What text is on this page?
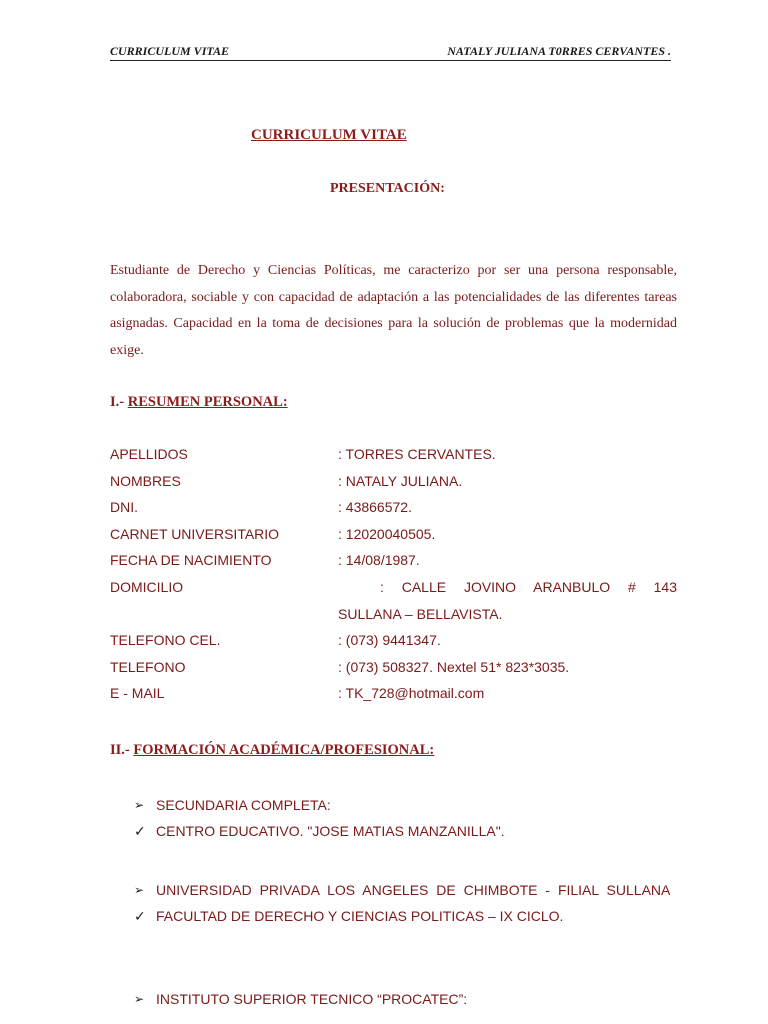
CURRICULUM VITAE	NATALY JULIANA T0RRES CERVANTES .
CURRICULUM VITAE
PRESENTACIÓN:
Estudiante de Derecho y Ciencias Políticas, me caracterizo por ser una persona responsable, colaboradora, sociable y con capacidad de adaptación a las potencialidades de las diferentes tareas asignadas. Capacidad en la toma de decisiones para la solución de problemas que la modernidad exige.
I.- RESUMEN PERSONAL:
APELLIDOS	: TORRES CERVANTES.
NOMBRES	: NATALY JULIANA.
DNI.	: 43866572.
CARNET UNIVERSITARIO	: 12020040505.
FECHA DE NACIMIENTO	: 14/08/1987.
DOMICILIO	: CALLE JOVINO ARANBULO # 143
SULLANA – BELLAVISTA.
TELEFONO CEL.	: (073) 9441347.
TELEFONO	: (073) 508327. Nextel 51* 823*3035.
E - MAIL	: TK_728@hotmail.com
II.- FORMACIÓN ACADÉMICA/PROFESIONAL:
➢ SECUNDARIA COMPLETA:
✓ CENTRO EDUCATIVO. "JOSE MATIAS MANZANILLA".
➢ UNIVERSIDAD PRIVADA LOS ANGELES DE CHIMBOTE - FILIAL SULLANA
✓ FACULTAD DE DERECHO Y CIENCIAS POLITICAS – IX CICLO.
➢ INSTITUTO SUPERIOR TECNICO “PROCATEC”:
